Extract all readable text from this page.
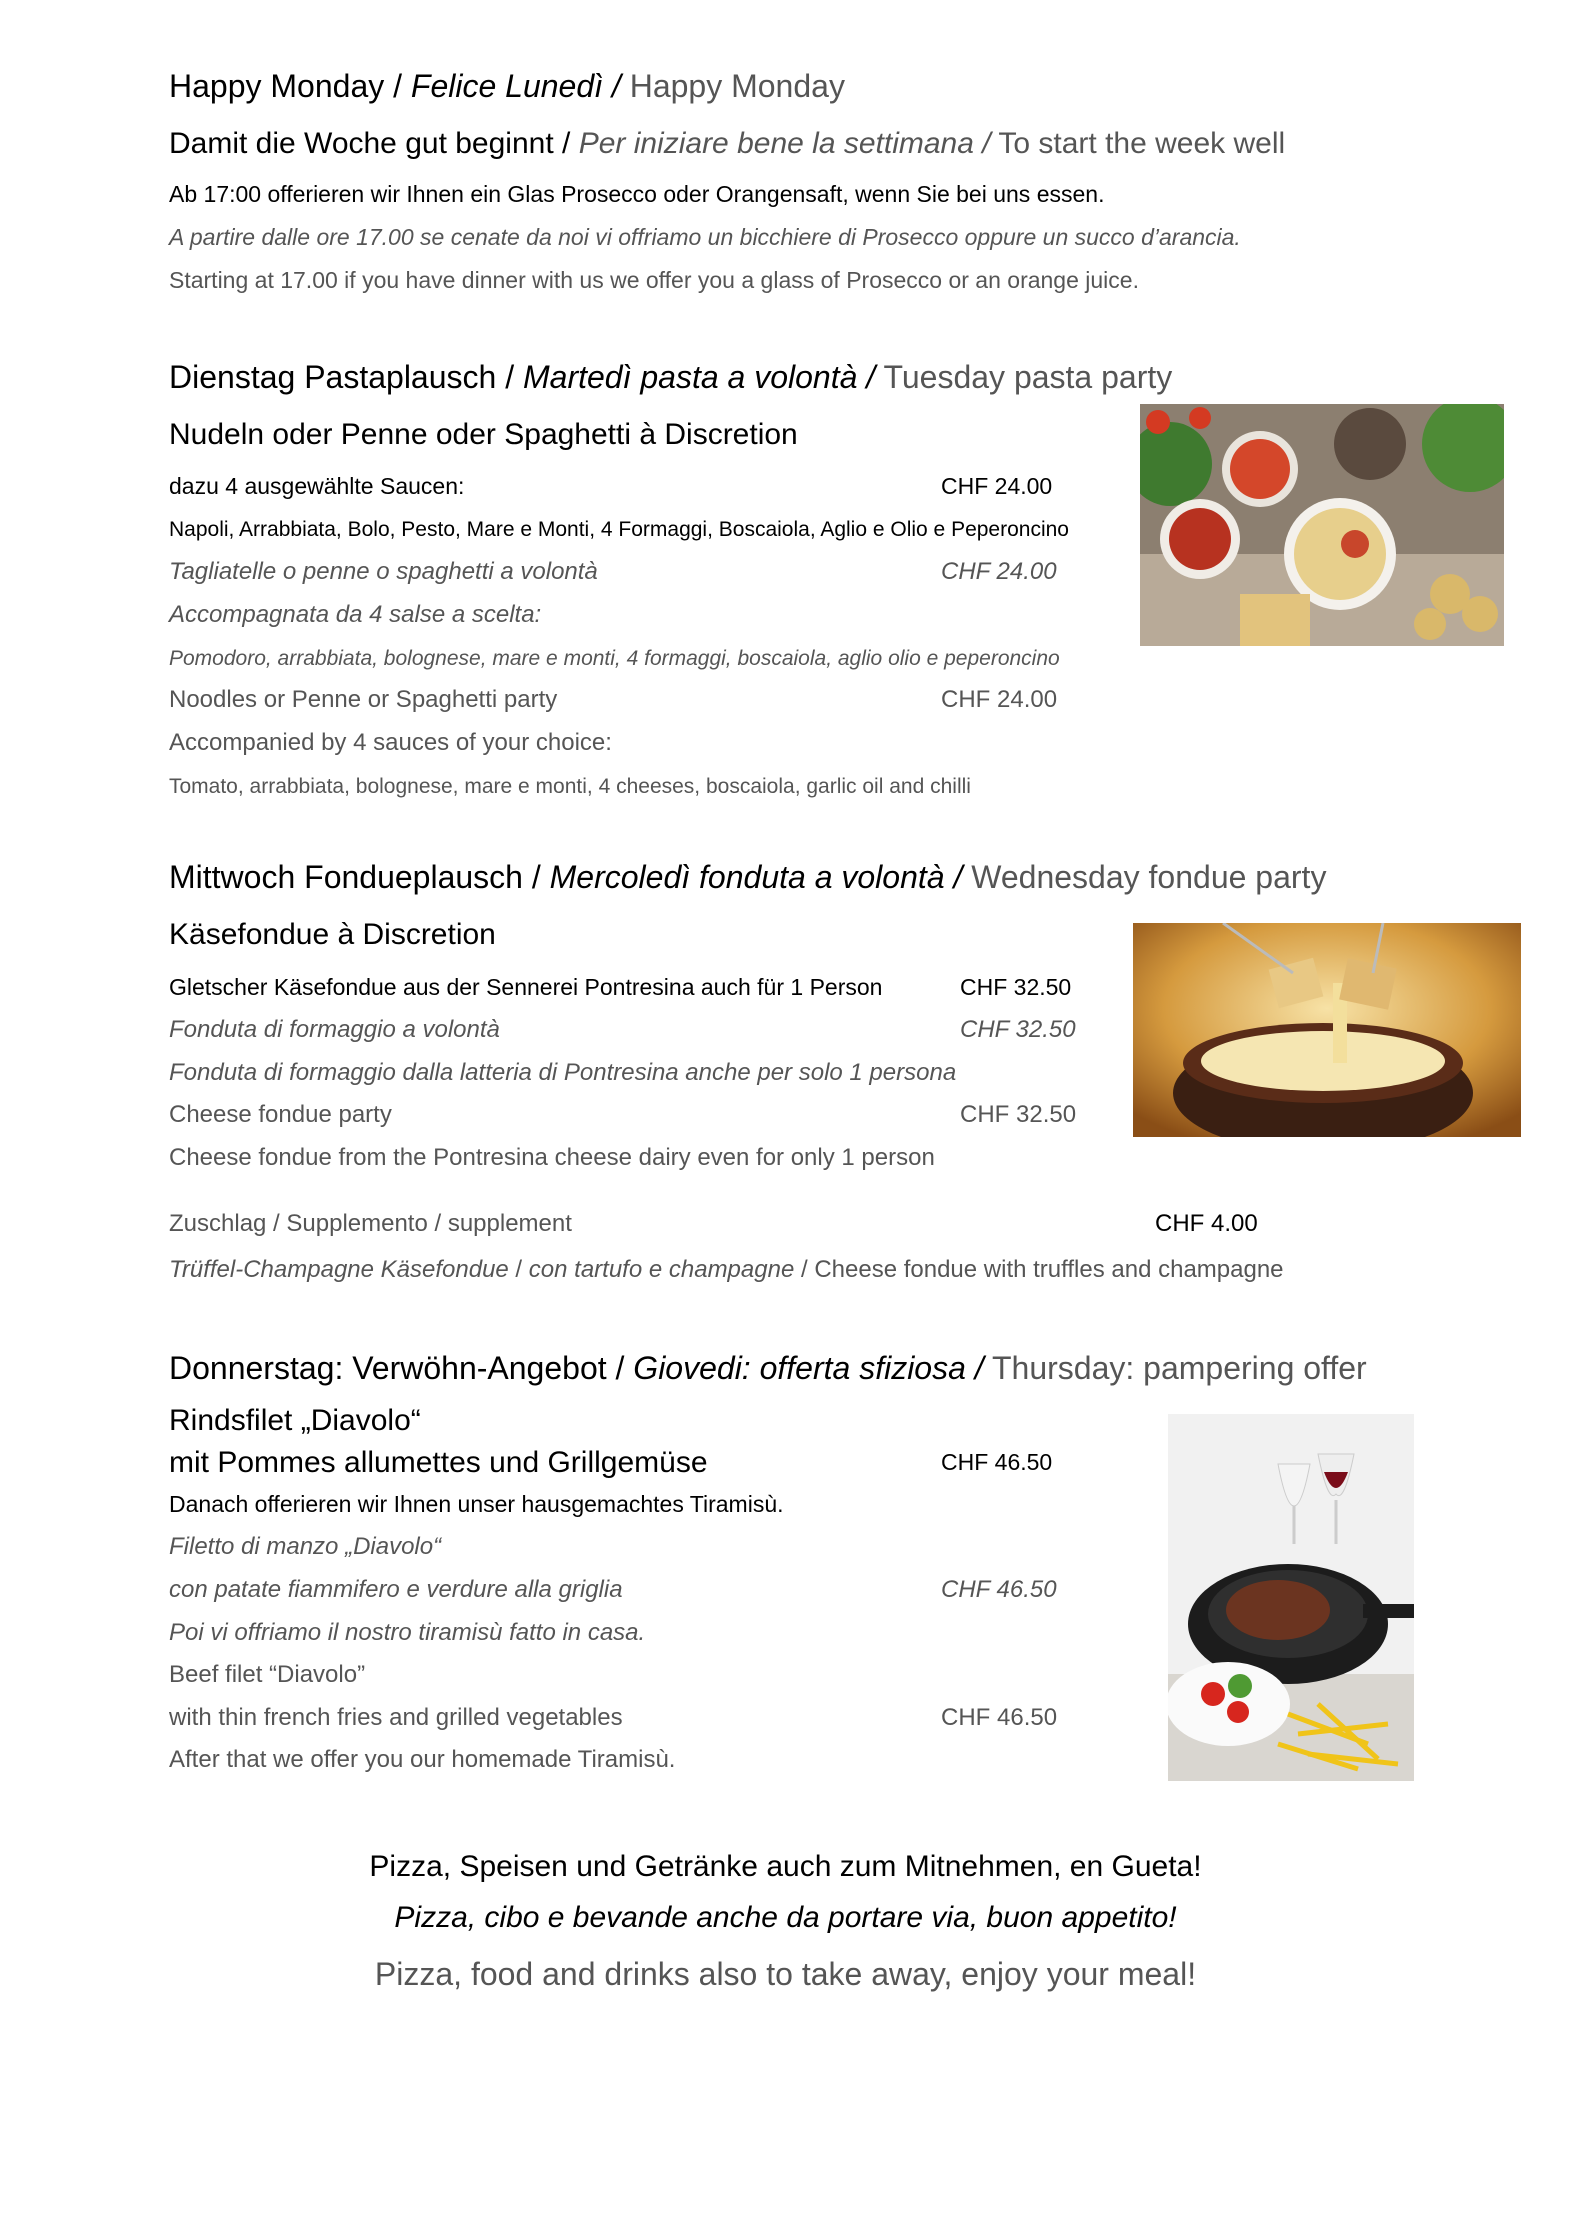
Happy Monday / Felice Lunedì / Happy Monday
Damit die Woche gut beginnt / Per iniziare bene la settimana / To start the week well
Ab 17:00 offerieren wir Ihnen ein Glas Prosecco oder Orangensaft, wenn Sie bei uns essen.
A partire dalle ore 17.00 se cenate da noi vi offriamo un bicchiere di Prosecco oppure un succo d’arancia.
Starting at 17.00 if you have dinner with us we offer you a glass of Prosecco or an orange juice.
Dienstag Pastaplausch / Martedì pasta a volontà / Tuesday pasta party
Nudeln oder Penne oder Spaghetti à Discretion
dazu 4 ausgewählte Saucen:	CHF 24.00
Napoli, Arrabbiata, Bolo, Pesto, Mare e Monti, 4 Formaggi, Boscaiola, Aglio e Olio e Peperoncino
Tagliatelle o penne o spaghetti a volontà	CHF 24.00
Accompagnata da 4 salse a scelta:
Pomodoro, arrabbiata, bolognese, mare e monti, 4 formaggi, boscaiola, aglio olio e peperoncino
Noodles or Penne or Spaghetti party	CHF 24.00
Accompanied by 4 sauces of your choice:
Tomato, arrabbiata, bolognese, mare e monti, 4 cheeses, boscaiola, garlic oil and chilli
Mittwoch Fondueplausch / Mercoledì fonduta a volontà / Wednesday fondue party
Käsefondue à Discretion
Gletscher Käsefondue aus der Sennerei Pontresina auch für 1 Person	CHF 32.50
Fonduta di formaggio a volontà	CHF 32.50
Fonduta di formaggio dalla latteria di Pontresina anche per solo 1 persona
Cheese fondue party	CHF 32.50
Cheese fondue from the Pontresina cheese dairy even for only 1 person
Zuschlag / Supplemento / supplement	CHF 4.00
Trüffel-Champagne Käsefondue / con tartufo e champagne / Cheese fondue with truffles and champagne
Donnerstag: Verwöhn-Angebot / Giovedi: offerta sfiziosa / Thursday: pampering offer
Rindsfilet „Diavolo“
mit Pommes allumettes und Grillgemüse	CHF 46.50
Danach offerieren wir Ihnen unser hausgemachtes Tiramisù.
Filetto di manzo „Diavolo“
con patate fiammifero e verdure alla griglia	CHF 46.50
Poi vi offriamo il nostro tiramisù fatto in casa.
Beef filet “Diavolo”
with thin french fries and grilled vegetables	CHF 46.50
After that we offer you our homemade Tiramisù.
Pizza, Speisen und Getränke auch zum Mitnehmen, en Gueta!
Pizza, cibo e bevande anche da portare via, buon appetito!
Pizza, food and drinks also to take away, enjoy your meal!
